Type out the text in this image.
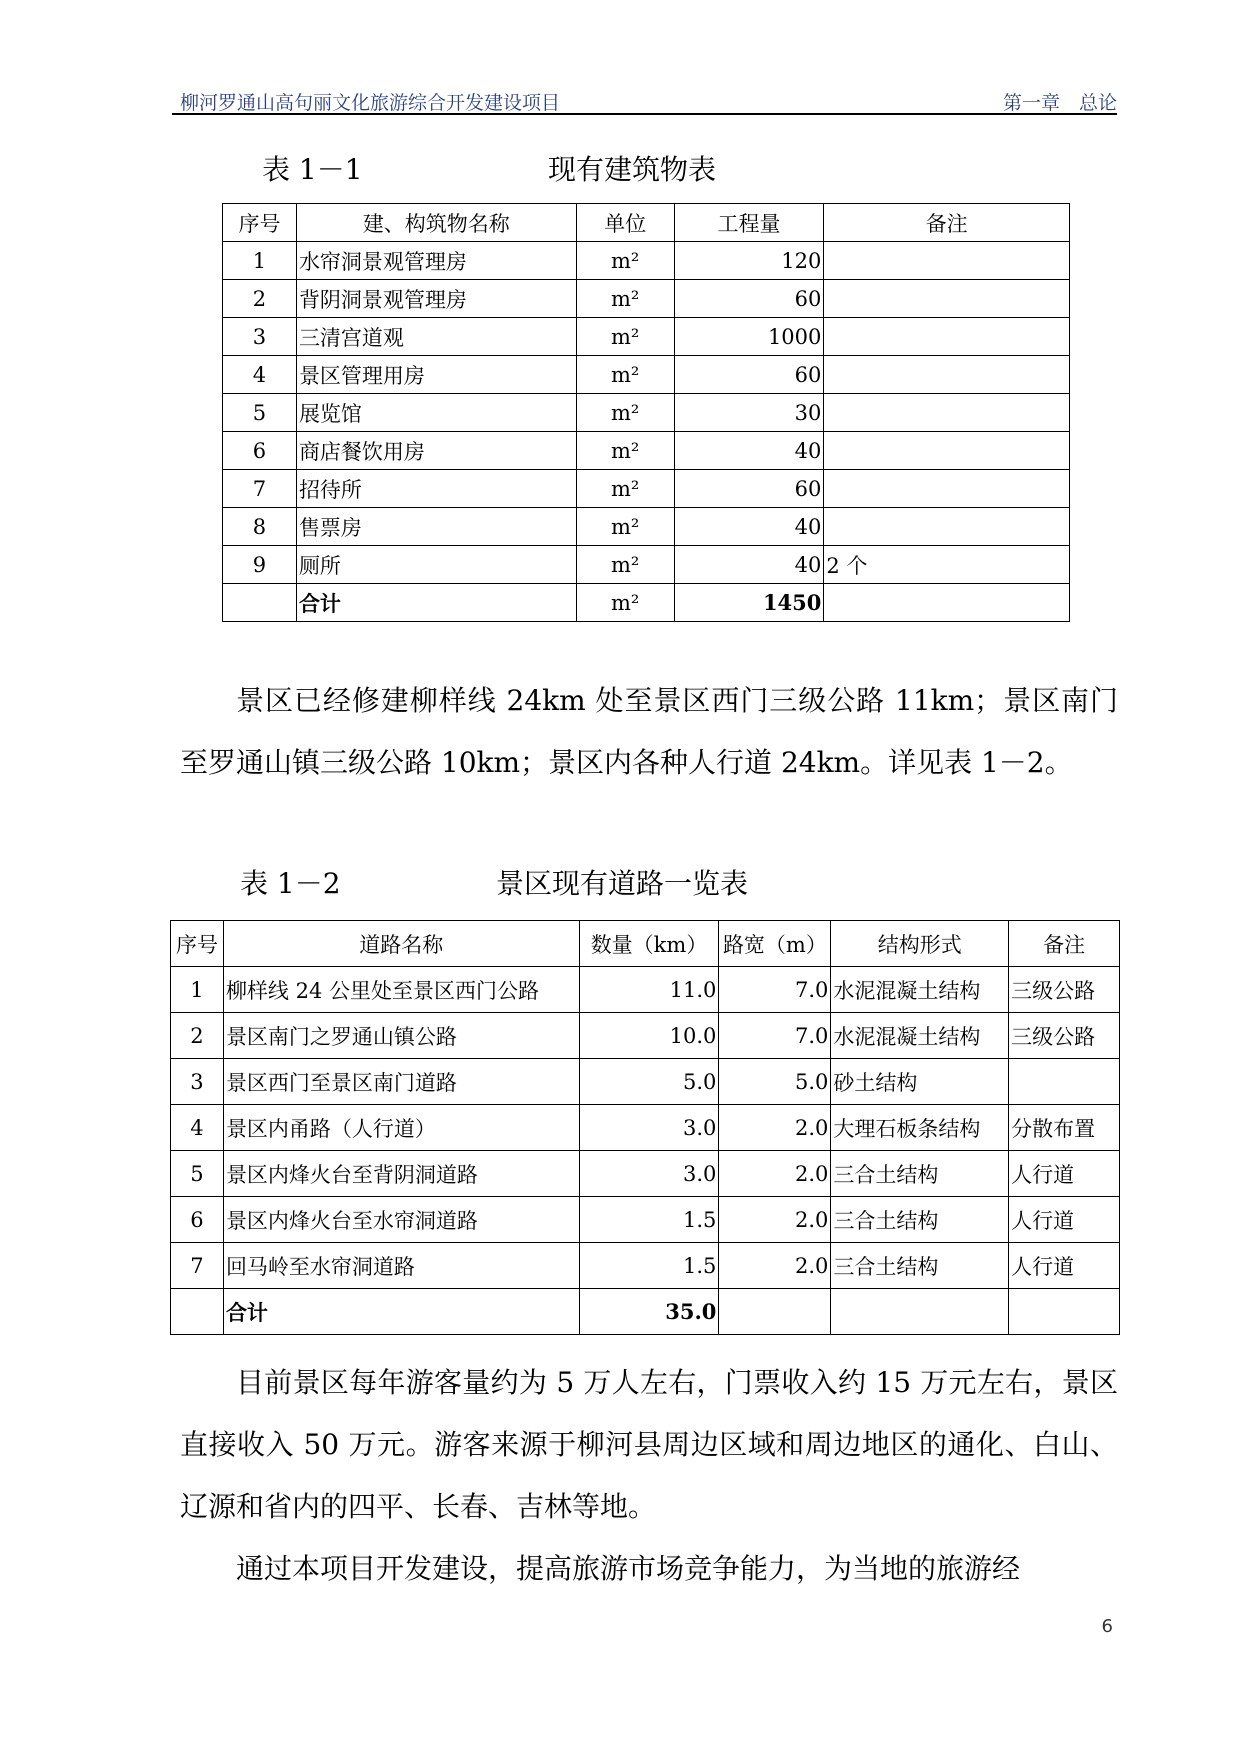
柳河罗通山高句丽文化旅游综合开发建设项目	第一章　总论
表 1－1	现有建筑物表
序号	建、构筑物名称	单位	工程量	备注
1	水帘洞景观管理房	m²	120	
2	背阴洞景观管理房	m²	60	
3	三清宫道观	m²	1000	
4	景区管理用房	m²	60	
5	展览馆	m²	30	
6	商店餐饮用房	m²	40	
7	招待所	m²	60	
8	售票房	m²	40	
9	厕所	m²	40	2 个
	合计	m²	1450	
景区已经修建柳样线 24km 处至景区西门三级公路 11km；景区南门至罗通山镇三级公路 10km；景区内各种人行道 24km。详见表 1－2。
表 1－2	景区现有道路一览表
序号	道路名称	数量（km）	路宽（m）	结构形式	备注
1	柳样线 24 公里处至景区西门公路	11.0	7.0	水泥混凝土结构	三级公路
2	景区南门之罗通山镇公路	10.0	7.0	水泥混凝土结构	三级公路
3	景区西门至景区南门道路	5.0	5.0	砂土结构	
4	景区内甬路（人行道）	3.0	2.0	大理石板条结构	分散布置
5	景区内烽火台至背阴洞道路	3.0	2.0	三合土结构	人行道
6	景区内烽火台至水帘洞道路	1.5	2.0	三合土结构	人行道
7	回马岭至水帘洞道路	1.5	2.0	三合土结构	人行道
	合计	35.0			
目前景区每年游客量约为 5 万人左右，门票收入约 15 万元左右，景区直接收入 50 万元。游客来源于柳河县周边区域和周边地区的通化、白山、辽源和省内的四平、长春、吉林等地。
通过本项目开发建设，提高旅游市场竞争能力，为当地的旅游经
6
